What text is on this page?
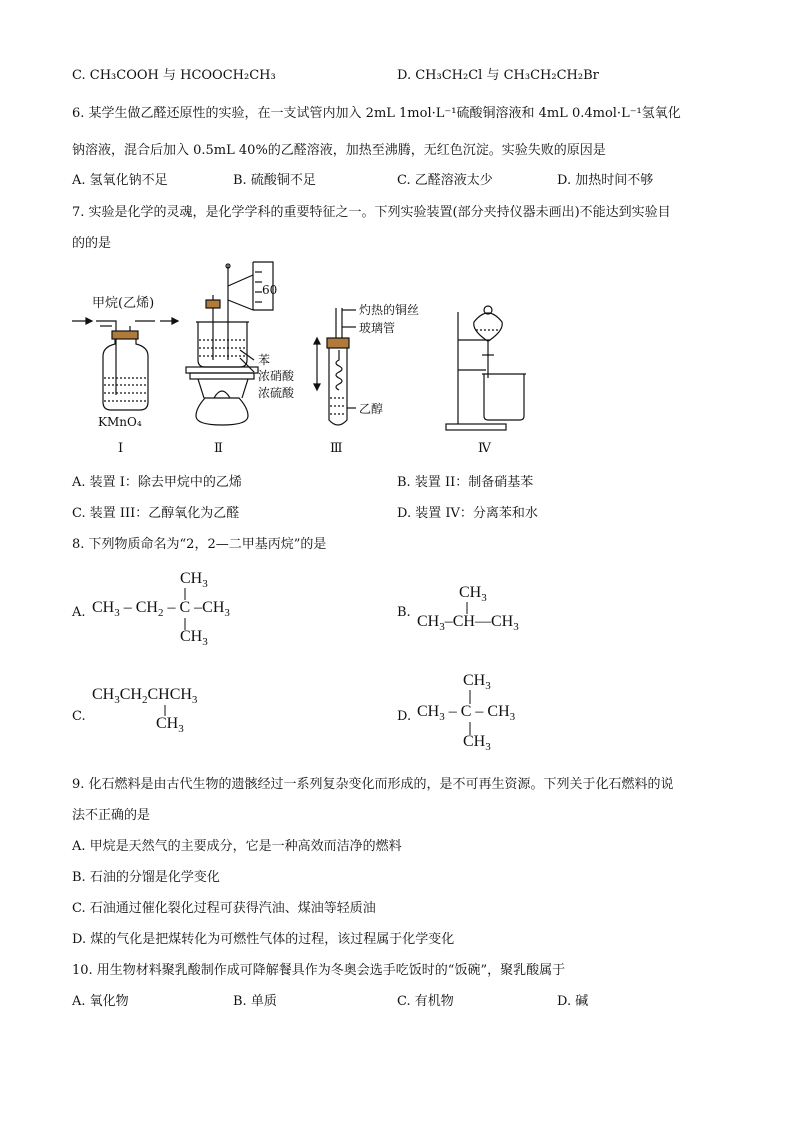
C. CH₃COOH 与 HCOOCH₂CH₃	D. CH₃CH₂Cl 与 CH₃CH₂CH₂Br
6. 某学生做乙醛还原性的实验，在一支试管内加入 2mL 1mol·L⁻¹硫酸铜溶液和 4mL 0.4mol·L⁻¹氢氧化
钠溶液，混合后加入 0.5mL 40%的乙醛溶液，加热至沸腾，无红色沉淀。实验失败的原因是
A. 氢氧化钠不足	B. 硫酸铜不足	C. 乙醛溶液太少	D. 加热时间不够
7. 实验是化学的灵魂，是化学学科的重要特征之一。下列实验装置(部分夹持仪器未画出)不能达到实验目
的的是
甲烷(乙烯)
KMnO₄
60
苯
浓硝酸
浓硫酸
灼热的铜丝
玻璃管
乙醇
Ⅰ	Ⅱ	Ⅲ	Ⅳ
A. 装置 I：除去甲烷中的乙烯	B. 装置 II：制备硝基苯
C. 装置 III：乙醇氧化为乙醛	D. 装置 IV：分离苯和水
8. 下列物质命名为“2，2—二甲基丙烷”的是
A.
$CH_3$
$CH_3 - CH_2$ – C $-CH_3$
$CH_3$
B.
$CH_3$
$CH_3-CH—CH_3$
C.
$CH_3CH_2CHCH_3$
$CH_3$
D.
$CH_3$
$CH_3$ – C – $CH_3$
$CH_3$
9. 化石燃料是由古代生物的遗骸经过一系列复杂变化而形成的，是不可再生资源。下列关于化石燃料的说
法不正确的是
A. 甲烷是天然气的主要成分，它是一种高效而洁净的燃料
B. 石油的分馏是化学变化
C. 石油通过催化裂化过程可获得汽油、煤油等轻质油
D. 煤的气化是把煤转化为可燃性气体的过程，该过程属于化学变化
10. 用生物材料聚乳酸制作成可降解餐具作为冬奥会选手吃饭时的“饭碗”，聚乳酸属于
A. 氧化物	B. 单质	C. 有机物	D. 碱
